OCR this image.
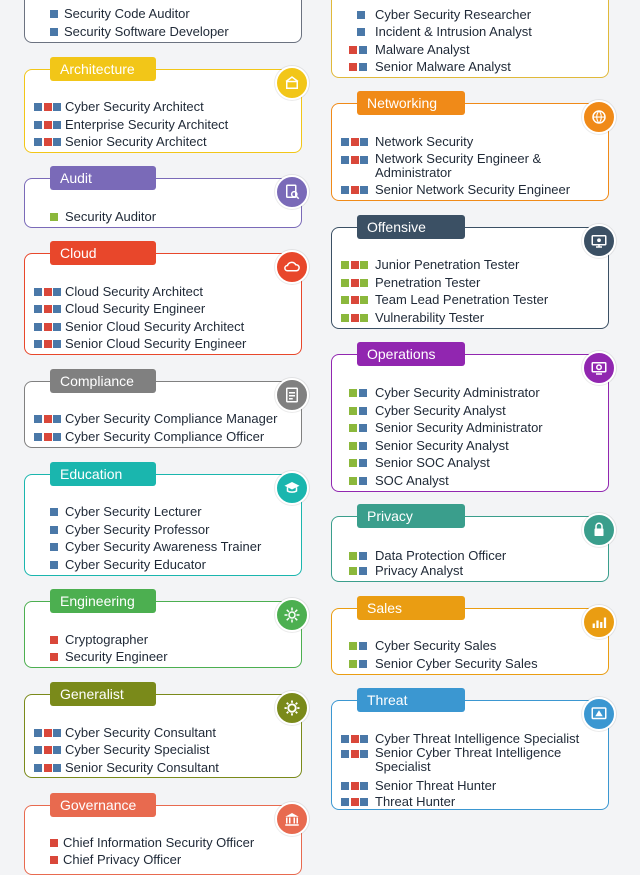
Security Code Auditor
Security Software Developer
Cyber Security Researcher
Incident & Intrusion Analyst
Malware Analyst
Senior Malware Analyst
Architecture
Cyber Security Architect
Enterprise Security Architect
Senior Security Architect
Audit
Security Auditor
Cloud
Cloud Security Architect
Cloud Security Engineer
Senior Cloud Security Architect
Senior Cloud Security Engineer
Compliance
Cyber Security Compliance Manager
Cyber Security Compliance Officer
Education
Cyber Security Lecturer
Cyber Security Professor
Cyber Security Awareness Trainer
Cyber Security Educator
Engineering
Cryptographer
Security Engineer
Generalist
Cyber Security Consultant
Cyber Security Specialist
Senior Security Consultant
Governance
Chief Information Security Officer
Chief Privacy Officer
Networking
Network Security
Network Security Engineer & Administrator
Senior Network Security Engineer
Offensive
Junior Penetration Tester
Penetration Tester
Team Lead Penetration Tester
Vulnerability Tester
Operations
Cyber Security Administrator
Cyber Security Analyst
Senior Security Administrator
Senior Security Analyst
Senior SOC Analyst
SOC Analyst
Privacy
Data Protection Officer
Privacy Analyst
Sales
Cyber Security Sales
Senior Cyber Security Sales
Threat
Cyber Threat Intelligence Specialist
Senior Cyber Threat Intelligence Specialist
Senior Threat Hunter
Threat Hunter
